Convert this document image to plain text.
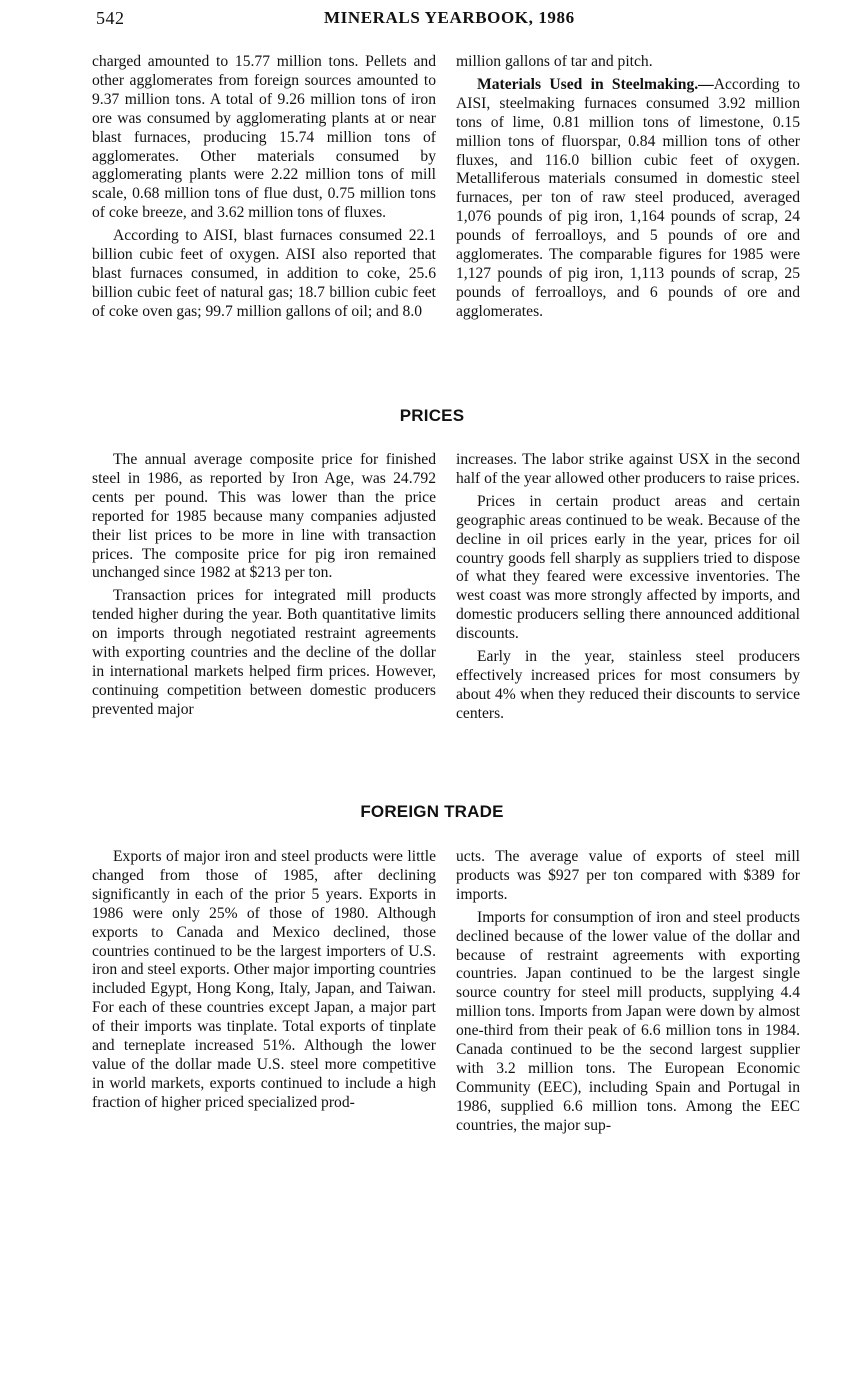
542	MINERALS YEARBOOK, 1986

charged amounted to 15.77 million tons. Pellets and other agglomerates from foreign sources amounted to 9.37 million tons. A total of 9.26 million tons of iron ore was consumed by agglomerating plants at or near blast furnaces, producing 15.74 million tons of agglomerates. Other materials consumed by agglomerating plants were 2.22 million tons of mill scale, 0.68 million tons of flue dust, 0.75 million tons of coke breeze, and 3.62 million tons of fluxes.

According to AISI, blast furnaces consumed 22.1 billion cubic feet of oxygen. AISI also reported that blast furnaces consumed, in addition to coke, 25.6 billion cubic feet of natural gas; 18.7 billion cubic feet of coke oven gas; 99.7 million gallons of oil; and 8.0

million gallons of tar and pitch.

Materials Used in Steelmaking.—According to AISI, steelmaking furnaces consumed 3.92 million tons of lime, 0.81 million tons of limestone, 0.15 million tons of fluorspar, 0.84 million tons of other fluxes, and 116.0 billion cubic feet of oxygen. Metalliferous materials consumed in domestic steel furnaces, per ton of raw steel produced, averaged 1,076 pounds of pig iron, 1,164 pounds of scrap, 24 pounds of ferroalloys, and 5 pounds of ore and agglomerates. The comparable figures for 1985 were 1,127 pounds of pig iron, 1,113 pounds of scrap, 25 pounds of ferroalloys, and 6 pounds of ore and agglomerates.

PRICES

The annual average composite price for finished steel in 1986, as reported by Iron Age, was 24.792 cents per pound. This was lower than the price reported for 1985 because many companies adjusted their list prices to be more in line with transaction prices. The composite price for pig iron remained unchanged since 1982 at $213 per ton.

Transaction prices for integrated mill products tended higher during the year. Both quantitative limits on imports through negotiated restraint agreements with exporting countries and the decline of the dollar in international markets helped firm prices. However, continuing competition between domestic producers prevented major

increases. The labor strike against USX in the second half of the year allowed other producers to raise prices.

Prices in certain product areas and certain geographic areas continued to be weak. Because of the decline in oil prices early in the year, prices for oil country goods fell sharply as suppliers tried to dispose of what they feared were excessive inventories. The west coast was more strongly affected by imports, and domestic producers selling there announced additional discounts.

Early in the year, stainless steel producers effectively increased prices for most consumers by about 4% when they reduced their discounts to service centers.

FOREIGN TRADE

Exports of major iron and steel products were little changed from those of 1985, after declining significantly in each of the prior 5 years. Exports in 1986 were only 25% of those of 1980. Although exports to Canada and Mexico declined, those countries continued to be the largest importers of U.S. iron and steel exports. Other major importing countries included Egypt, Hong Kong, Italy, Japan, and Taiwan. For each of these countries except Japan, a major part of their imports was tinplate. Total exports of tinplate and terneplate increased 51%. Although the lower value of the dollar made U.S. steel more competitive in world markets, exports continued to include a high fraction of higher priced specialized prod-

ucts. The average value of exports of steel mill products was $927 per ton compared with $389 for imports.

Imports for consumption of iron and steel products declined because of the lower value of the dollar and because of restraint agreements with exporting countries. Japan continued to be the largest single source country for steel mill products, supplying 4.4 million tons. Imports from Japan were down by almost one-third from their peak of 6.6 million tons in 1984. Canada continued to be the second largest supplier with 3.2 million tons. The European Economic Community (EEC), including Spain and Portugal in 1986, supplied 6.6 million tons. Among the EEC countries, the major sup-
